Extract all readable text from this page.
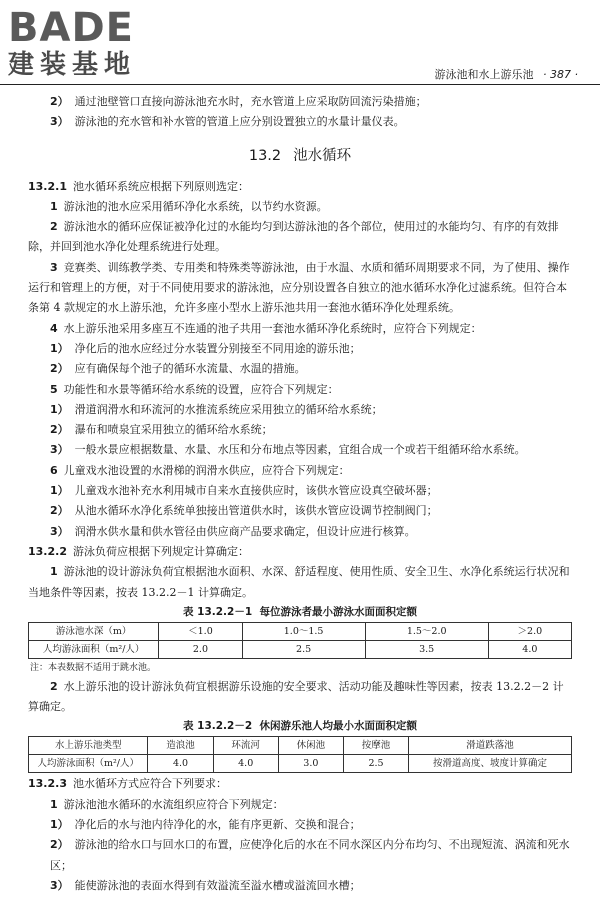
BADE
建装基地	游泳池和水上游乐池 · 387 ·

2） 通过池壁管口直接向游泳池充水时，充水管道上应采取防回流污染措施；

3） 游泳池的充水管和补水管的管道上应分别设置独立的水量计量仪表。

13.2 池水循环

13.2.1 池水循环系统应根据下列原则选定：

1 游泳池的池水应采用循环净化水系统，以节约水资源。

2 游泳池水的循环应保证被净化过的水能均匀到达游泳池的各个部位，使用过的水能均匀、有序的有效排除，并回到池水净化处理系统进行处理。

3 竞赛类、训练教学类、专用类和特殊类等游泳池，由于水温、水质和循环周期要求不同，为了使用、操作运行和管理上的方便，对于不同使用要求的游泳池，应分别设置各自独立的池水循环水净化过滤系统。但符合本条第 4 款规定的水上游乐池，允许多座小型水上游乐池共用一套池水循环净化处理系统。

4 水上游乐池采用多座互不连通的池子共用一套池水循环净化系统时，应符合下列规定：

1） 净化后的池水应经过分水装置分别接至不同用途的游乐池；

2） 应有确保每个池子的循环水流量、水温的措施。

5 功能性和水景等循环给水系统的设置，应符合下列规定：

1） 滑道润滑水和环流河的水推流系统应采用独立的循环给水系统；

2） 瀑布和喷泉宜采用独立的循环给水系统；

3） 一般水景应根据数量、水量、水压和分布地点等因素，宜组合成一个或若干组循环给水系统。

6 儿童戏水池设置的水滑梯的润滑水供应，应符合下列规定：

1） 儿童戏水池补充水利用城市自来水直接供应时，该供水管应设真空破坏器；

2） 从池水循环水净化系统单独接出管道供水时，该供水管应设调节控制阀门；

3） 润滑水供水量和供水管径由供应商产品要求确定，但设计应进行核算。

13.2.2 游泳负荷应根据下列规定计算确定：

1 游泳池的设计游泳负荷宜根据池水面积、水深、舒适程度、使用性质、安全卫生、水净化系统运行状况和当地条件等因素，按表 13.2.2－1 计算确定。

表 13.2.2－1 每位游泳者最小游泳水面面积定额
游泳池水深（m）	＜1.0	1.0～1.5	1.5～2.0	＞2.0
人均游泳面积（m²/人）	2.0	2.5	3.5	4.0
注：本表数据不适用于跳水池。

2 水上游乐池的设计游泳负荷宜根据游乐设施的安全要求、活动功能及趣味性等因素，按表 13.2.2－2 计算确定。

表 13.2.2－2 休闲游乐池人均最小水面面积定额
水上游乐池类型	造浪池	环流河	休闲池	按摩池	滑道跌落池
人均游泳面积（m²/人）	4.0	4.0	3.0	2.5	按滑道高度、坡度计算确定

13.2.3 池水循环方式应符合下列要求：

1 游泳池池水循环的水流组织应符合下列规定：

1） 净化后的水与池内待净化的水，能有序更新、交换和混合；

2） 游泳池的给水口与回水口的布置，应使净化后的水在不同水深区内分布均匀、不出现短流、涡流和死水区；

3） 能使游泳池的表面水得到有效溢流至溢水槽或溢流回水槽；
